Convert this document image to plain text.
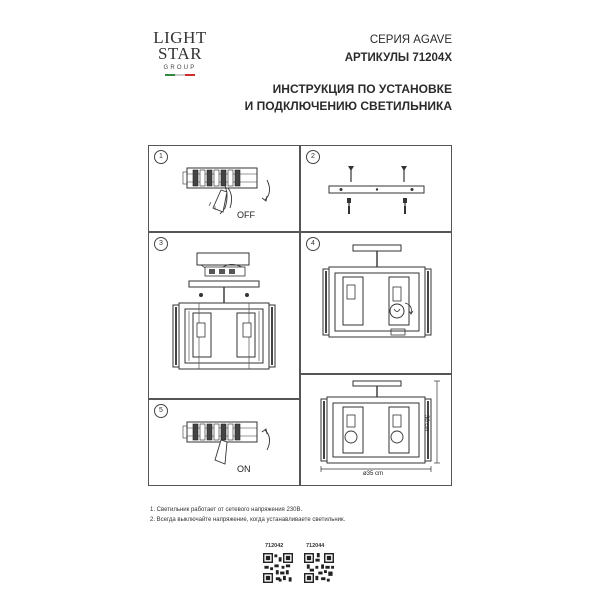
LIGHT
STAR
GROUP
СЕРИЯ AGAVE
АРТИКУЛЫ 71204X
ИНСТРУКЦИЯ ПО УСТАНОВКЕ
И ПОДКЛЮЧЕНИЮ СВЕТИЛЬНИКА
1
OFF
2
3	4
5
ON	ø35 cm
30 cm
1. Светильник работает от сетевого напряжения 230В.
2. Всегда выключайте напряжение, когда устанавливаете светильник.
712042	712044
